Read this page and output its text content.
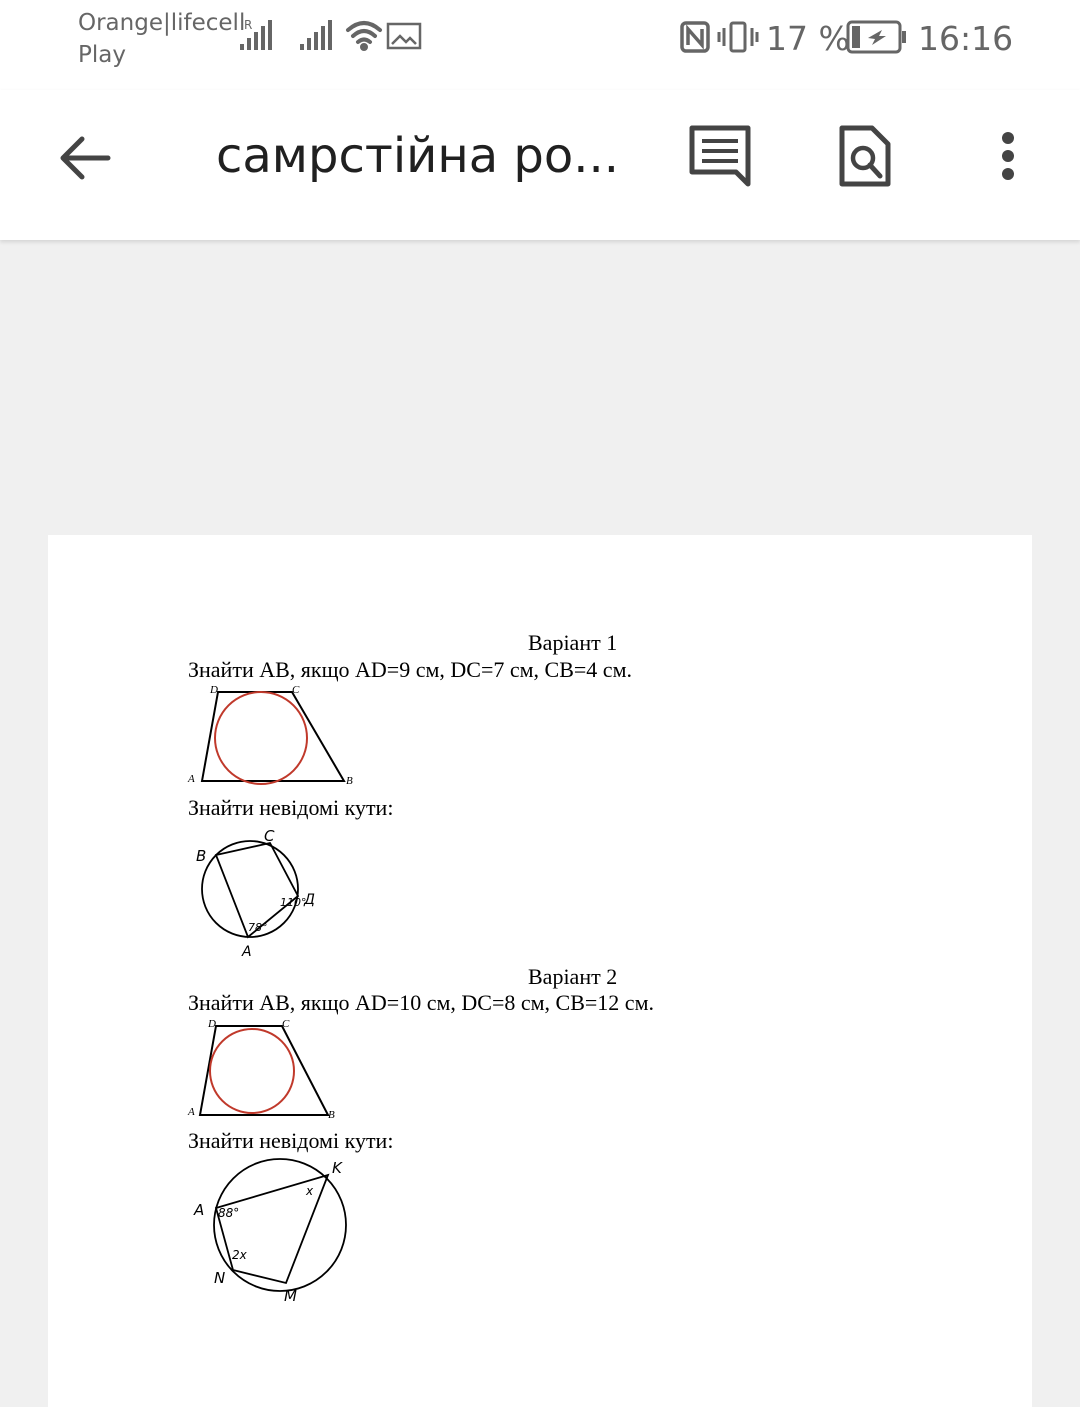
Orange|lifecell
Play
R	17 % 16:16
самрстійна ро...
Варіант 1
Знайти AB, якщо AD=9 см, DC=7 см, CB=4 см.
D	C
A	B
Знайти невідомі кути:
B
C
Д
A
78°
110°
Варіант 2
Знайти AB, якщо AD=10 см, DC=8 см, CB=12 см.
D	C
A	B
Знайти невідомі кути:
A
K
N
M
88°
2x
x
